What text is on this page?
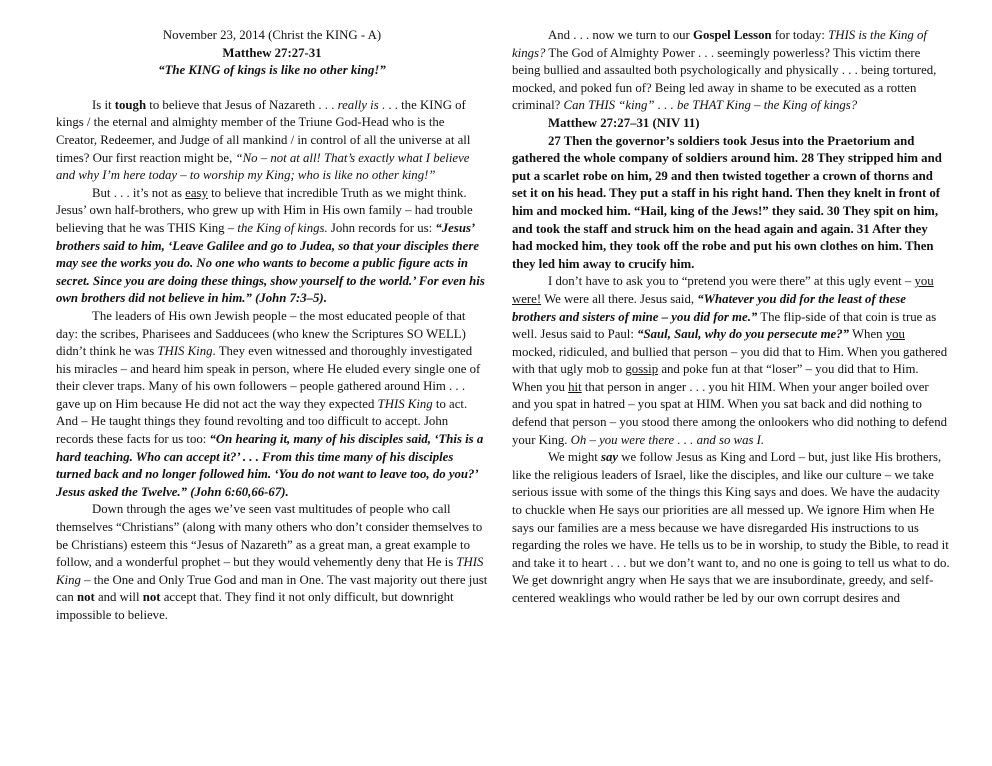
November 23, 2014 (Christ the KING - A)
Matthew 27:27-31
“The KING of kings is like no other king!”

Is it tough to believe that Jesus of Nazareth . . . really is . . . the KING of kings / the eternal and almighty member of the Triune God-Head who is the Creator, Redeemer, and Judge of all mankind / in control of all the universe at all times? Our first reaction might be, “No – not at all! That’s exactly what I believe and why I’m here today – to worship my King; who is like no other king!”

But . . . it’s not as easy to believe that incredible Truth as we might think. Jesus’ own half-brothers, who grew up with Him in His own family – had trouble believing that he was THIS King – the King of kings. John records for us: “Jesus’ brothers said to him, ‘Leave Galilee and go to Judea, so that your disciples there may see the works you do. No one who wants to become a public figure acts in secret. Since you are doing these things, show yourself to the world.’ For even his own brothers did not believe in him.” (John 7:3–5).

The leaders of His own Jewish people – the most educated people of that day: the scribes, Pharisees and Sadducees (who knew the Scriptures SO WELL) didn’t think he was THIS King. They even witnessed and thoroughly investigated his miracles – and heard him speak in person, where He eluded every single one of their clever traps. Many of his own followers – people gathered around Him . . . gave up on Him because He did not act the way they expected THIS King to act. And – He taught things they found revolting and too difficult to accept. John records these facts for us too: “On hearing it, many of his disciples said, ‘This is a hard teaching. Who can accept it?’ . . . From this time many of his disciples turned back and no longer followed him. ‘You do not want to leave too, do you?’ Jesus asked the Twelve.” (John 6:60,66-67).

Down through the ages we’ve seen vast multitudes of people who call themselves “Christians” (along with many others who don’t consider themselves to be Christians) esteem this “Jesus of Nazareth” as a great man, a great example to follow, and a wonderful prophet – but they would vehemently deny that He is THIS King – the One and Only True God and man in One. The vast majority out there just can not and will not accept that. They find it not only difficult, but downright impossible to believe.

And . . . now we turn to our Gospel Lesson for today: THIS is the King of kings? The God of Almighty Power . . . seemingly powerless? This victim there being bullied and assaulted both psychologically and physically . . . being tortured, mocked, and poked fun of? Being led away in shame to be executed as a rotten criminal? Can THIS “king” . . . be THAT King – the King of kings?

Matthew 27:27–31 (NIV 11)

27 Then the governor’s soldiers took Jesus into the Praetorium and gathered the whole company of soldiers around him. 28 They stripped him and put a scarlet robe on him, 29 and then twisted together a crown of thorns and set it on his head. They put a staff in his right hand. Then they knelt in front of him and mocked him. “Hail, king of the Jews!” they said. 30 They spit on him, and took the staff and struck him on the head again and again. 31 After they had mocked him, they took off the robe and put his own clothes on him. Then they led him away to crucify him.

I don’t have to ask you to “pretend you were there” at this ugly event – you were! We were all there. Jesus said, “Whatever you did for the least of these brothers and sisters of mine – you did for me.” The flip-side of that coin is true as well. Jesus said to Paul: “Saul, Saul, why do you persecute me?” When you mocked, ridiculed, and bullied that person – you did that to Him. When you gathered with that ugly mob to gossip and poke fun at that “loser” – you did that to Him. When you hit that person in anger . . . you hit HIM. When your anger boiled over and you spat in hatred – you spat at HIM. When you sat back and did nothing to defend that person – you stood there among the onlookers who did nothing to defend your King. Oh – you were there . . . and so was I.

We might say we follow Jesus as King and Lord – but, just like His brothers, like the religious leaders of Israel, like the disciples, and like our culture – we take serious issue with some of the things this King says and does. We have the audacity to chuckle when He says our priorities are all messed up. We ignore Him when He says our families are a mess because we have disregarded His instructions to us regarding the roles we have. He tells us to be in worship, to study the Bible, to read it and take it to heart . . . but we don’t want to, and no one is going to tell us what to do. We get downright angry when He says that we are insubordinate, greedy, and self-centered weaklings who would rather be led by our own corrupt desires and
